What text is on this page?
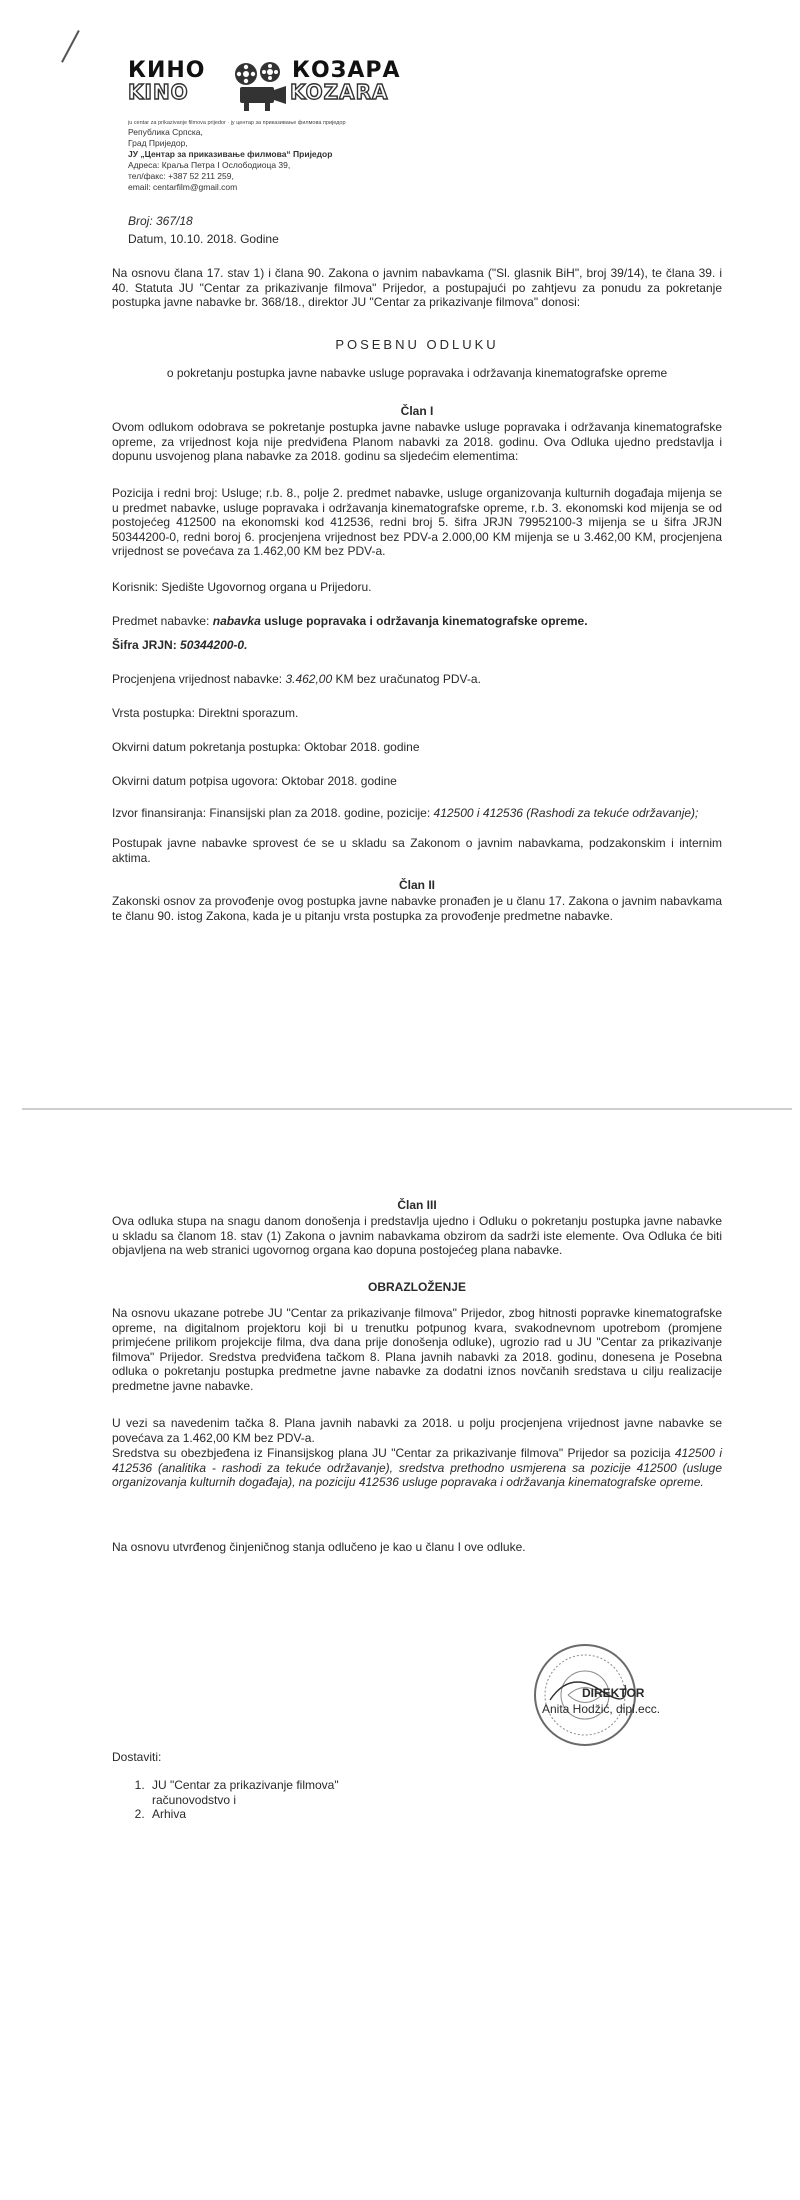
КИНО
KINO
КОЗАРА
KOZARA
јu centar za prikazivanje filmova prijedor · ју центар за приказивање филмова приједор
Република Српска,
Град Приједор,
ЈУ „Центар за приказивање филмова“ Приједор
Адреса: Краља Петра I Ослободиоца 39,
тел/факс: +387 52 211 259,
email: centarfilm@gmail.com
Broj: 367/18
Datum, 10.10. 2018. Godine
Na osnovu člana 17. stav 1) i člana 90. Zakona o javnim nabavkama ("Sl. glasnik BiH", broj 39/14), te člana 39. i 40. Statuta JU "Centar za prikazivanje filmova" Prijedor, a postupajući po zahtjevu za ponudu za pokretanje postupka javne nabavke br. 368/18., direktor JU "Centar za prikazivanje filmova" donosi:
POSEBNU ODLUKU
o pokretanju postupka javne nabavke usluge popravaka i održavanja kinematografske opreme
Član I
Ovom odlukom odobrava se pokretanje postupka javne nabavke usluge popravaka i održavanja kinematografske opreme, za vrijednost koja nije predviđena Planom nabavki za 2018. godinu. Ova Odluka ujedno predstavlja i dopunu usvojenog plana nabavke za 2018. godinu sa sljedećim elementima:
Pozicija i redni broj: Usluge; r.b. 8., polje 2. predmet nabavke, usluge organizovanja kulturnih događaja mijenja se u predmet nabavke, usluge popravaka i održavanja kinematografske opreme, r.b. 3. ekonomski kod mijenja se od postojećeg 412500 na ekonomski kod 412536, redni broj 5. šifra JRJN 79952100-3 mijenja se u šifra JRJN 50344200-0, redni boroj 6. procjenjena vrijednost bez PDV-a 2.000,00 KM mijenja se u 3.462,00 KM, procjenjena vrijednost se povećava za 1.462,00 KM bez PDV-a.
Korisnik: Sjedište Ugovornog organa u Prijedoru.
Predmet nabavke: nabavka usluge popravaka i održavanja kinematografske opreme.
Šifra JRJN: 50344200-0.
Procjenjena vrijednost nabavke: 3.462,00 KM bez uračunatog PDV-a.
Vrsta postupka: Direktni sporazum.
Okvirni datum pokretanja postupka: Oktobar 2018. godine
Okvirni datum potpisa ugovora: Oktobar 2018. godine
Izvor finansiranja: Finansijski plan za 2018. godine, pozicije: 412500 i 412536 (Rashodi za tekuće održavanje);
Postupak javne nabavke sprovest će se u skladu sa Zakonom o javnim nabavkama, podzakonskim i internim aktima.
Član II
Zakonski osnov za provođenje ovog postupka javne nabavke pronađen je u članu 17. Zakona o javnim nabavkama te članu 90. istog Zakona, kada je u pitanju vrsta postupka za provođenje predmetne nabavke.
Član III
Ova odluka stupa na snagu danom donošenja i predstavlja ujedno i Odluku o pokretanju postupka javne nabavke u skladu sa članom 18. stav (1) Zakona o javnim nabavkama obzirom da sadrži iste elemente. Ova Odluka će biti objavljena na web stranici ugovornog organa kao dopuna postojećeg plana nabavke.
OBRAZLOŽENJE
Na osnovu ukazane potrebe JU "Centar za prikazivanje filmova" Prijedor, zbog hitnosti popravke kinematografske opreme, na digitalnom projektoru koji bi u trenutku potpunog kvara, svakodnevnom upotrebom (promjene primjećene prilikom projekcije filma, dva dana prije donošenja odluke), ugrozio rad u JU "Centar za prikazivanje filmova" Prijedor. Sredstva predviđena tačkom 8. Plana javnih nabavki za 2018. godinu, donesena je Posebna odluka o pokretanju postupka predmetne javne nabavke za dodatni iznos novčanih sredstava u cilju realizacije predmetne javne nabavke.
U vezi sa navedenim tačka 8. Plana javnih nabavki za 2018. u polju procjenjena vrijednost javne nabavke se povećava za 1.462,00 KM bez PDV-a.
Sredstva su obezbjeđena iz Finansijskog plana JU "Centar za prikazivanje filmova" Prijedor sa pozicija 412500 i 412536 (analitika - rashodi za tekuće održavanje), sredstva prethodno usmjerena sa pozicije 412500 (usluge organizovanja kulturnih događaja), na poziciju 412536 usluge popravaka i održavanja kinematografske opreme.
Na osnovu utvrđenog činjeničnog stanja odlučeno je kao u članu I ove odluke.
DIREKTOR
Anita Hodžić, dipl.ecc.
Dostaviti:
1. JU "Centar za prikazivanje filmova" računovodstvo i
2. Arhiva
